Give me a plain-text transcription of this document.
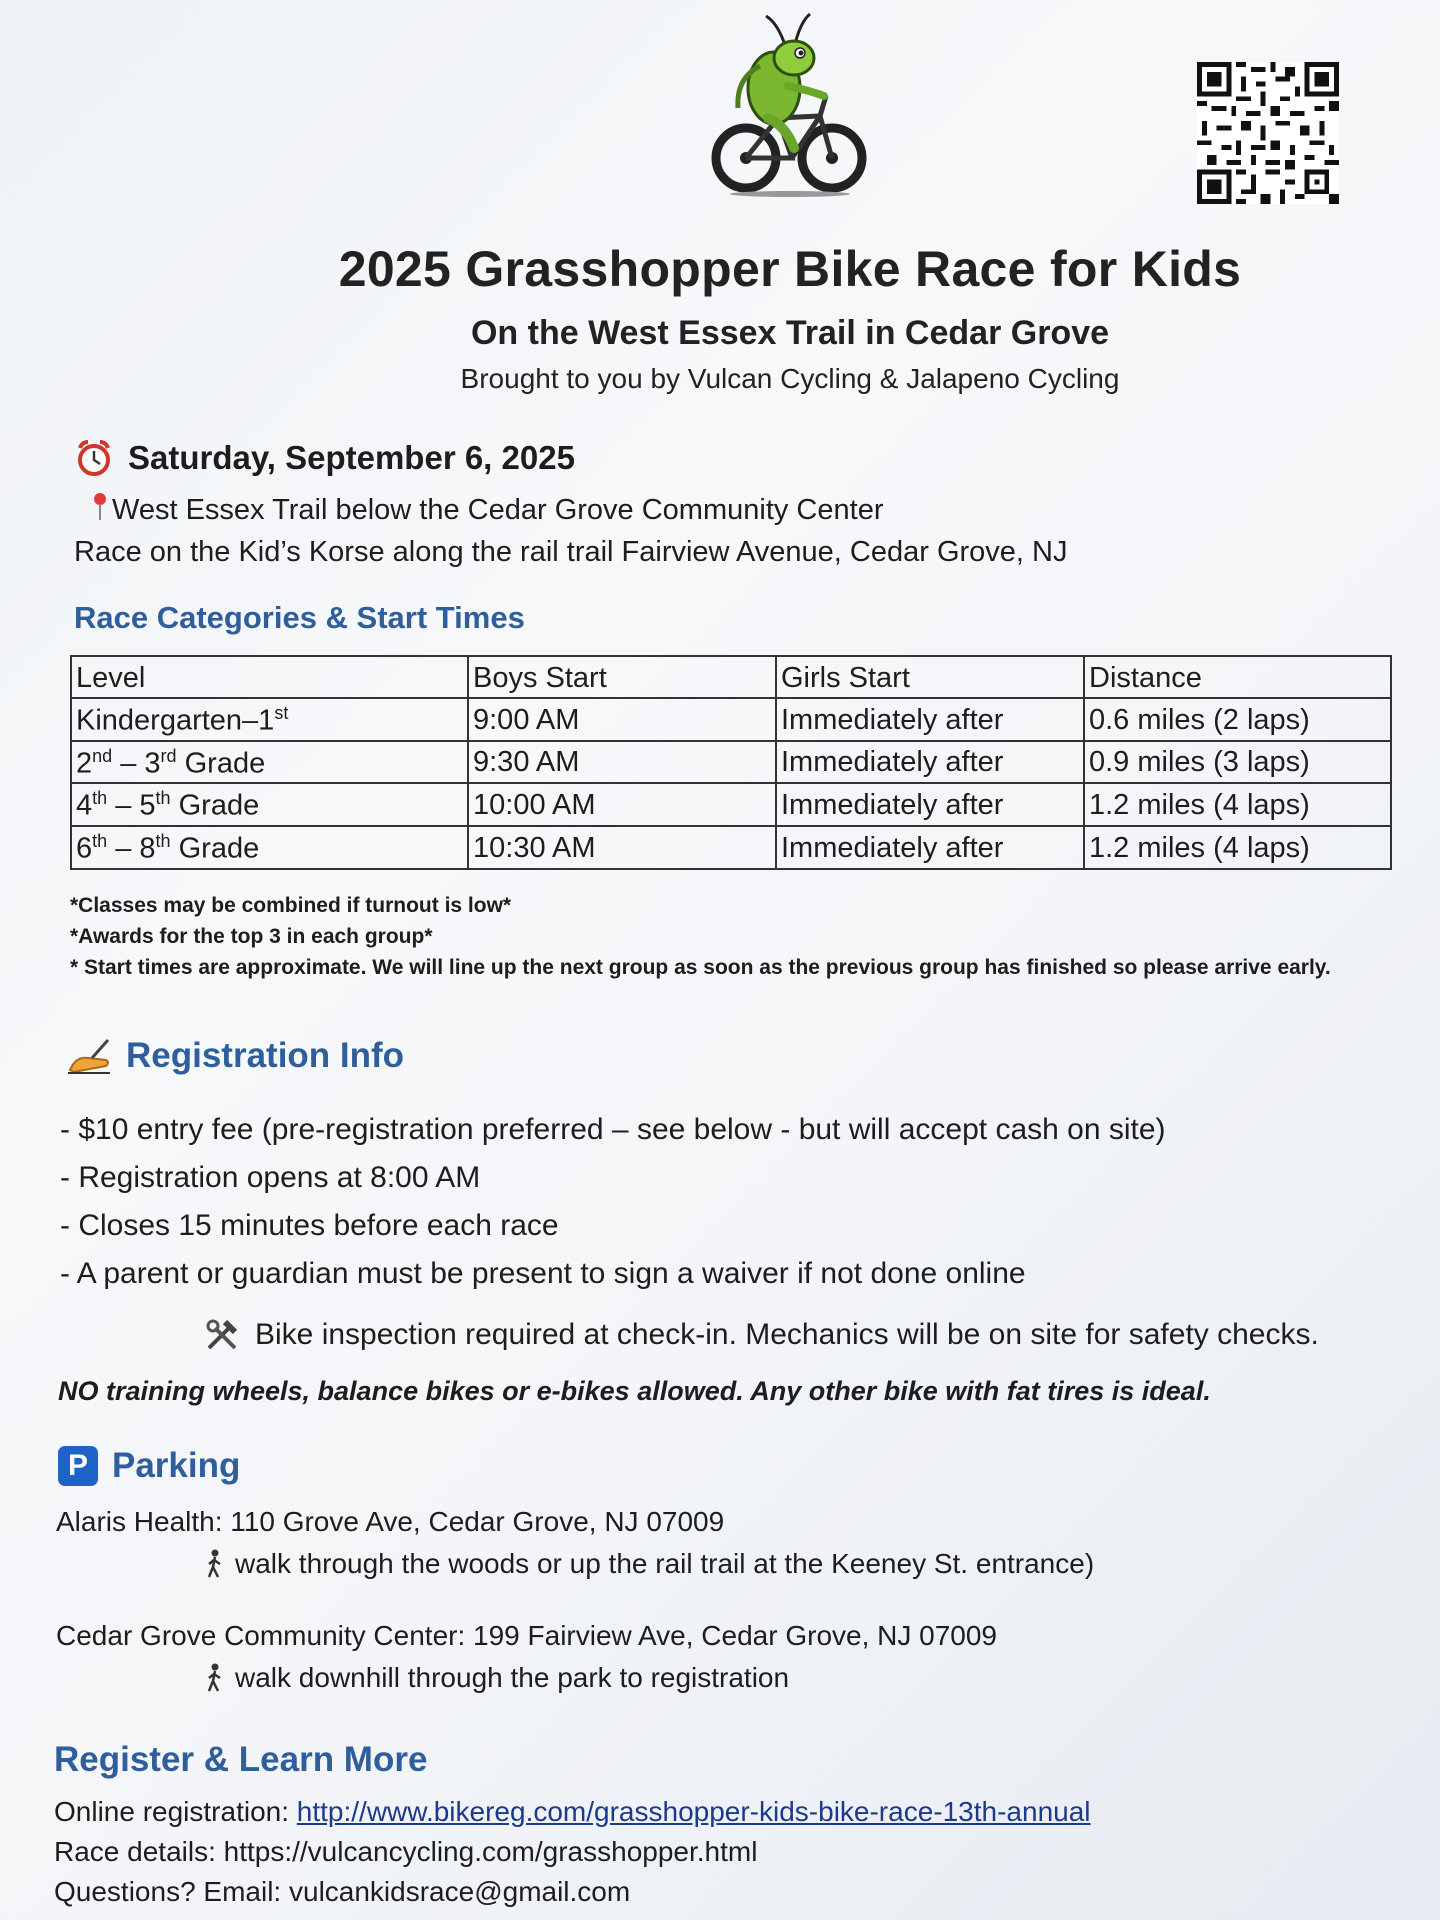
2025 Grasshopper Bike Race for Kids
On the West Essex Trail in Cedar Grove
Brought to you by Vulcan Cycling & Jalapeno Cycling
Saturday, September 6, 2025
West Essex Trail below the Cedar Grove Community Center
Race on the Kid’s Korse along the rail trail Fairview Avenue, Cedar Grove, NJ
Race Categories & Start Times
Level	Boys Start	Girls Start	Distance
Kindergarten–1st	9:00 AM	Immediately after	0.6 miles (2 laps)
2nd – 3rd Grade	9:30 AM	Immediately after	0.9 miles (3 laps)
4th – 5th Grade	10:00 AM	Immediately after	1.2 miles (4 laps)
6th – 8th Grade	10:30 AM	Immediately after	1.2 miles (4 laps)
*Classes may be combined if turnout is low*
*Awards for the top 3 in each group*
* Start times are approximate. We will line up the next group as soon as the previous group has finished so please arrive early.
Registration Info
- $10 entry fee (pre-registration preferred – see below - but will accept cash on site)
- Registration opens at 8:00 AM
- Closes 15 minutes before each race
- A parent or guardian must be present to sign a waiver if not done online
Bike inspection required at check-in. Mechanics will be on site for safety checks.
NO training wheels, balance bikes or e-bikes allowed. Any other bike with fat tires is ideal.
P Parking
Alaris Health: 110 Grove Ave, Cedar Grove, NJ 07009
walk through the woods or up the rail trail at the Keeney St. entrance)
Cedar Grove Community Center: 199 Fairview Ave, Cedar Grove, NJ 07009
walk downhill through the park to registration
Register & Learn More
Online registration: http://www.bikereg.com/grasshopper-kids-bike-race-13th-annual
Race details: https://vulcancycling.com/grasshopper.html
Questions? Email: vulcankidsrace@gmail.com
